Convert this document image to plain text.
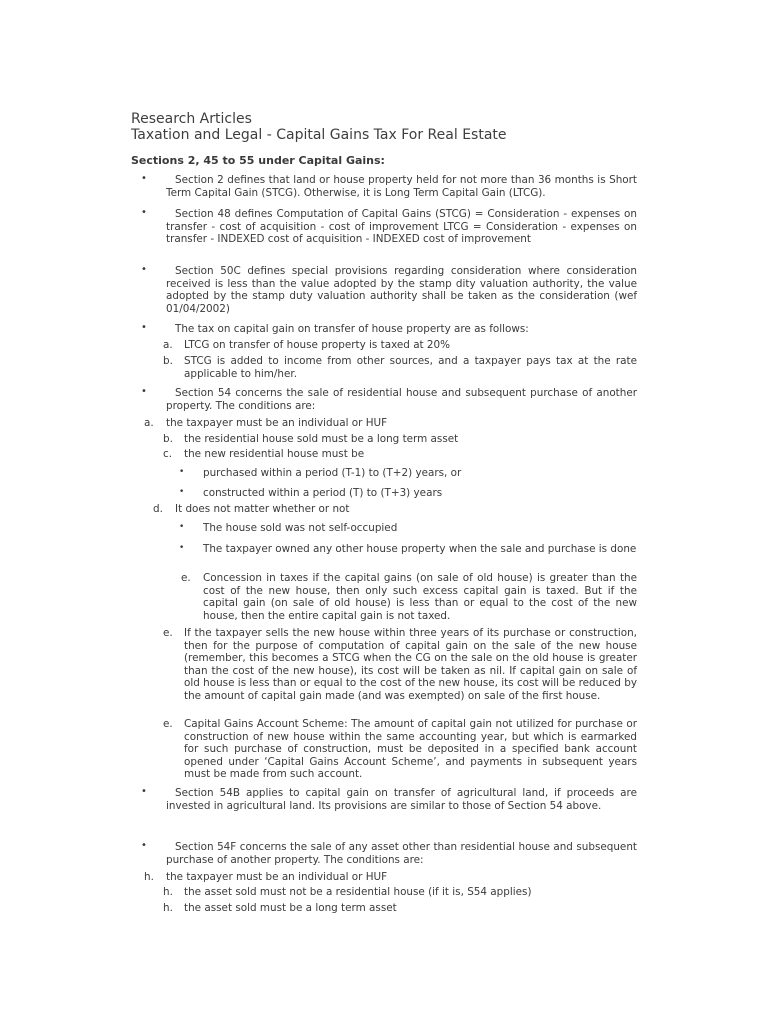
Research Articles
Taxation and Legal - Capital Gains Tax For Real Estate
Sections 2, 45 to 55 under Capital Gains:
•	Section 2 defines that land or house property held for not more than 36 months is Short Term Capital Gain (STCG). Otherwise, it is Long Term Capital Gain (LTCG).
•	Section 48 defines Computation of Capital Gains (STCG) = Consideration - expenses on transfer - cost of acquisition - cost of improvement LTCG = Consideration - expenses on transfer - INDEXED cost of acquisition - INDEXED cost of improvement
•	Section 50C defines special provisions regarding consideration where consideration received is less than the value adopted by the stamp dity valuation authority, the value adopted by the stamp duty valuation authority shall be taken as the consideration (wef 01/04/2002)
•	The tax on capital gain on transfer of house property are as follows:
a. LTCG on transfer of house property is taxed at 20%
b. STCG is added to income from other sources, and a taxpayer pays tax at the rate applicable to him/her.
•	Section 54 concerns the sale of residential house and subsequent purchase of another property. The conditions are:
a. the taxpayer must be an individual or HUF
b. the residential house sold must be a long term asset
c. the new residential house must be
• purchased within a period (T-1) to (T+2) years, or
• constructed within a period (T) to (T+3) years
d. It does not matter whether or not
• The house sold was not self-occupied
• The taxpayer owned any other house property when the sale and purchase is done
e. Concession in taxes if the capital gains (on sale of old house) is greater than the cost of the new house, then only such excess capital gain is taxed. But if the capital gain (on sale of old house) is less than or equal to the cost of the new house, then the entire capital gain is not taxed.
e. If the taxpayer sells the new house within three years of its purchase or construction, then for the purpose of computation of capital gain on the sale of the new house (remember, this becomes a STCG when the CG on the sale on the old house is greater than the cost of the new house), its cost will be taken as nil. If capital gain on sale of old house is less than or equal to the cost of the new house, its cost will be reduced by the amount of capital gain made (and was exempted) on sale of the first house.
e. Capital Gains Account Scheme: The amount of capital gain not utilized for purchase or construction of new house within the same accounting year, but which is earmarked for such purchase of construction, must be deposited in a specified bank account opened under ‘Capital Gains Account Scheme’, and payments in subsequent years must be made from such account.
•	Section 54B applies to capital gain on transfer of agricultural land, if proceeds are invested in agricultural land. Its provisions are similar to those of Section 54 above.
•	Section 54F concerns the sale of any asset other than residential house and subsequent purchase of another property. The conditions are:
h. the taxpayer must be an individual or HUF
h. the asset sold must not be a residential house (if it is, S54 applies)
h. the asset sold must be a long term asset
